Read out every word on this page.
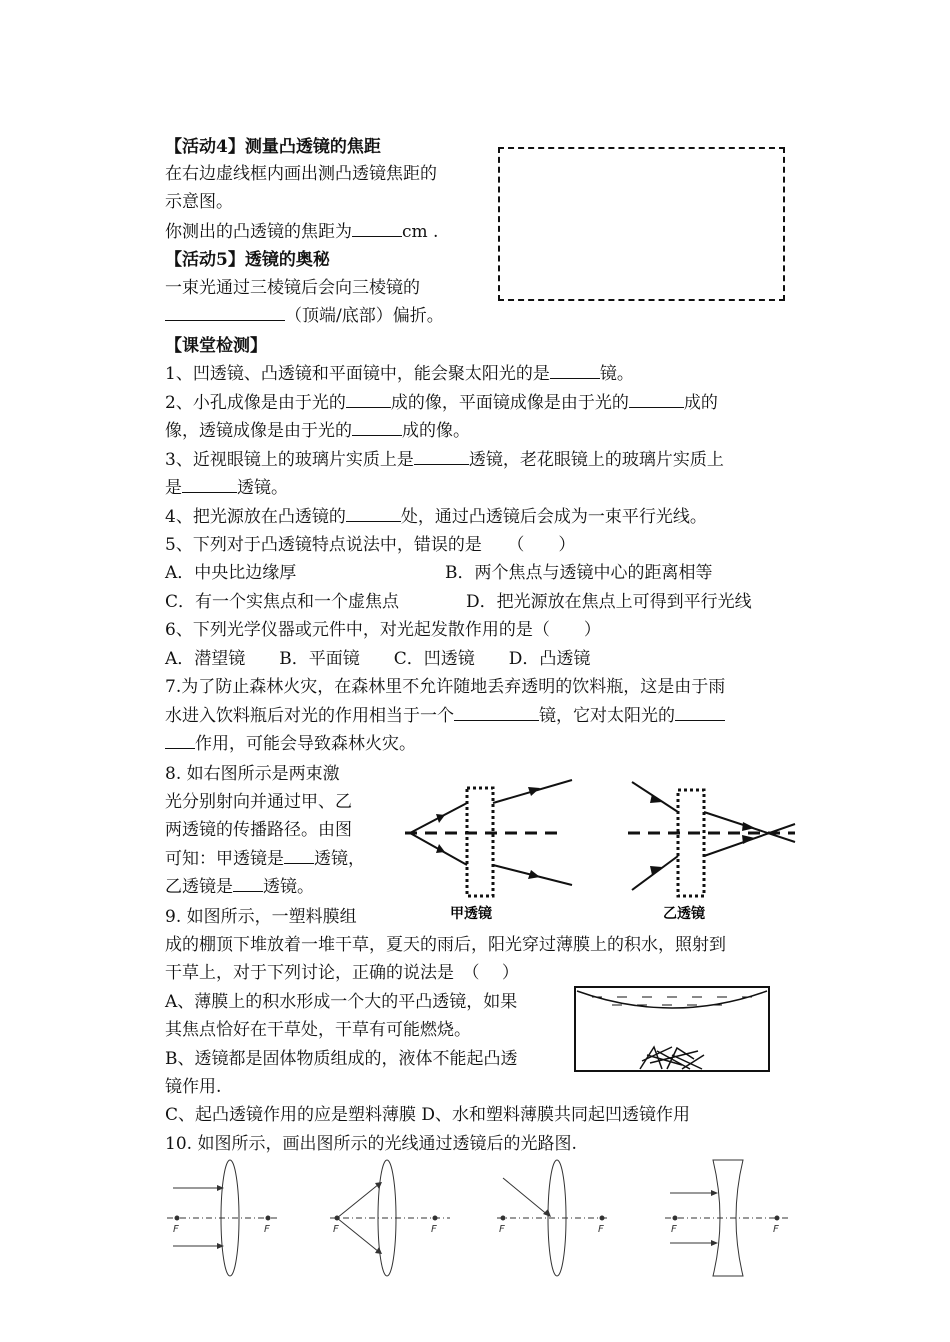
【活动4】测量凸透镜的焦距
在右边虚线框内画出测凸透镜焦距的
示意图。
你测出的凸透镜的焦距为	cm .
【活动5】透镜的奥秘
一束光通过三棱镜后会向三棱镜的
（顶端/底部）偏折。
【课堂检测】
1、凹透镜、凸透镜和平面镜中，能会聚太阳光的是	镜。
2、小孔成像是由于光的	成的像，平面镜成像是由于光的	成的
像，透镜成像是由于光的	成的像。
3、近视眼镜上的玻璃片实质上是	透镜，老花眼镜上的玻璃片实质上
是	透镜。
4、把光源放在凸透镜的	处，通过凸透镜后会成为一束平行光线。
5、下列对于凸透镜特点说法中，错误的是　　（　　）
A．中央比边缘厚	B．两个焦点与透镜中心的距离相等
C．有一个实焦点和一个虚焦点	D．把光源放在焦点上可得到平行光线
6、下列光学仪器或元件中，对光起发散作用的是（　　）
A．潜望镜　　B．平面镜　　C．凹透镜　　D．凸透镜
7.为了防止森林火灾，在森林里不允许随地丢弃透明的饮料瓶，这是由于雨
水进入饮料瓶后对光的作用相当于一个	镜，它对太阳光的
作用，可能会导致森林火灾。
8. 如右图所示是两束激
光分别射向并通过甲、乙
两透镜的传播路径。由图
可知：甲透镜是 透镜，
乙透镜是 透镜。
甲透镜	乙透镜
9. 如图所示，一塑料膜组
成的棚顶下堆放着一堆干草，夏天的雨后，阳光穿过薄膜上的积水，照射到
干草上，对于下列讨论，正确的说法是　（　 ）
A、薄膜上的积水形成一个大的平凸透镜，如果
其焦点恰好在干草处，干草有可能燃烧。
B、透镜都是固体物质组成的，液体不能起凸透
镜作用.
C、起凸透镜作用的应是塑料薄膜 D、水和塑料薄膜共同起凹透镜作用
10. 如图所示，画出图所示的光线通过透镜后的光路图.
F	F	F	F	F	F	F	F
